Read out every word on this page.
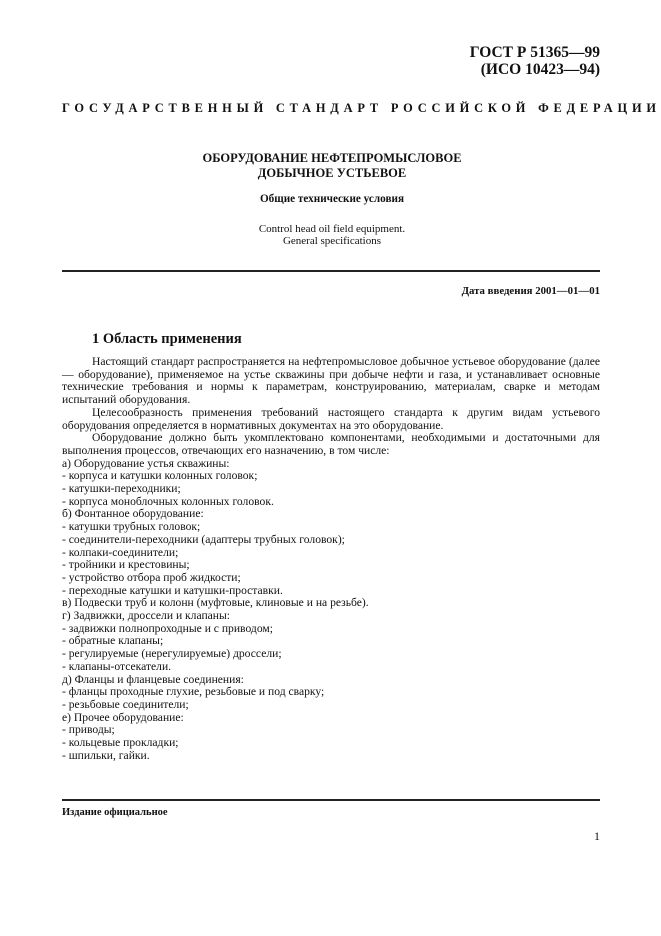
ГОСТ Р 51365—99
(ИСО 10423—94)
ГОСУДАРСТВЕННЫЙ СТАНДАРТ РОССИЙСКОЙ ФЕДЕРАЦИИ
ОБОРУДОВАНИЕ НЕФТЕПРОМЫСЛОВОЕ
ДОБЫЧНОЕ УСТЬЕВОЕ
Общие технические условия
Control head oil field equipment.
General specifications
Дата введения 2001—01—01
1 Область применения

Настоящий стандарт распространяется на нефтепромысловое добычное устьевое оборудование (далее — оборудование), применяемое на устье скважины при добыче нефти и газа, и устанавливает основные технические требования и нормы к параметрам, конструированию, материалам, сварке и методам испытаний оборудования.

Целесообразность применения требований настоящего стандарта к другим видам устьевого оборудования определяется в нормативных документах на это оборудование.

Оборудование должно быть укомплектовано компонентами, необходимыми и достаточными для выполнения процессов, отвечающих его назначению, в том числе:

а) Оборудование устья скважины:

- корпуса и катушки колонных головок;

- катушки-переходники;

- корпуса моноблочных колонных головок.

б) Фонтанное оборудование:

- катушки трубных головок;

- соединители-переходники (адаптеры трубных головок);

- колпаки-соединители;

- тройники и крестовины;

- устройство отбора проб жидкости;

- переходные катушки и катушки-проставки.

в) Подвески труб и колонн (муфтовые, клиновые и на резьбе).

г) Задвижки, дроссели и клапаны:

- задвижки полнопроходные и с приводом;

- обратные клапаны;

- регулируемые (нерегулируемые) дроссели;

- клапаны-отсекатели.

д) Фланцы и фланцевые соединения:

- фланцы проходные глухие, резьбовые и под сварку;

- резьбовые соединители;

е) Прочее оборудование:

- приводы;

- кольцевые прокладки;

- шпильки, гайки.

Издание официальное
1
